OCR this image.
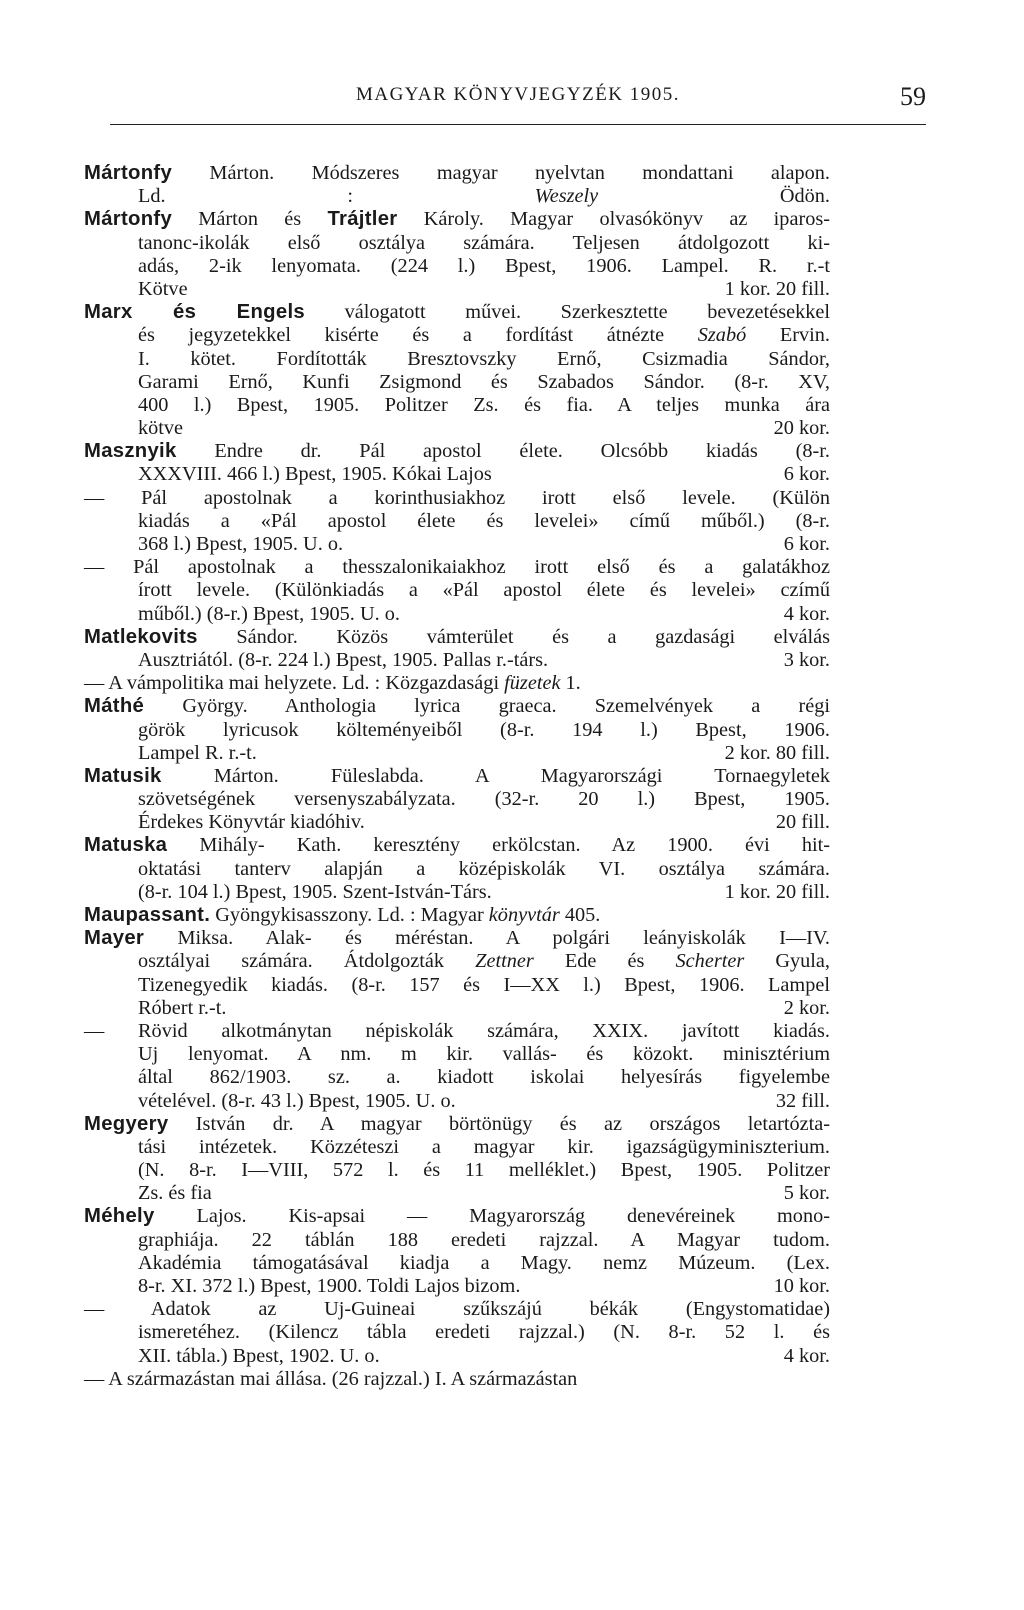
MAGYAR KÖNYVJEGYZÉK 1905.	59
Mártonfy Márton. Módszeres magyar nyelvtan mondattani alapon.
Ld. : Weszely Ödön.
Mártonfy Márton és Trájtler Károly. Magyar olvasókönyv az iparos-
tanonc-ikolák első osztálya számára. Teljesen átdolgozott ki-
adás, 2-ik lenyomata. (224 l.) Bpest, 1906. Lampel. R. r.-t
Kötve	1 kor. 20 fill.
Marx és Engels válogatott művei. Szerkesztette bevezetésekkel
és jegyzetekkel kisérte és a fordítást átnézte Szabó Ervin.
I. kötet. Fordították Bresztovszky Ernő, Csizmadia Sándor,
Garami Ernő, Kunfi Zsigmond és Szabados Sándor. (8-r. XV,
400 l.) Bpest, 1905. Politzer Zs. és fia. A teljes munka ára
kötve	20 kor.
Masznyik Endre dr. Pál apostol élete. Olcsóbb kiadás (8-r.
XXXVIII. 466 l.) Bpest, 1905. Kókai Lajos	6 kor.
— Pál apostolnak a korinthusiakhoz irott első levele. (Külön
kiadás a «Pál apostol élete és levelei» című műből.) (8-r.
368 l.) Bpest, 1905. U. o.	6 kor.
— Pál apostolnak a thesszalonikaiakhoz irott első és a galatákhoz
írott levele. (Különkiadás a «Pál apostol élete és levelei» czímű
műből.) (8-r.) Bpest, 1905. U. o.	4 kor.
Matlekovits Sándor. Közös vámterület és a gazdasági elválás
Ausztriától. (8-r. 224 l.) Bpest, 1905. Pallas r.-társ.	3 kor.
— A vámpolitika mai helyzete. Ld. : Közgazdasági füzetek 1.
Máthé György. Anthologia lyrica graeca. Szemelvények a régi
görök lyricusok költeményeiből (8-r. 194 l.) Bpest, 1906.
Lampel R. r.-t.	2 kor. 80 fill.
Matusik Márton. Füleslabda. A Magyarországi Tornaegyletek
szövetségének versenyszabályzata. (32-r. 20 l.) Bpest, 1905.
Érdekes Könyvtár kiadóhiv.	20 fill.
Matuska Mihály- Kath. keresztény erkölcstan. Az 1900. évi hit-
oktatási tanterv alapján a középiskolák VI. osztálya számára.
(8-r. 104 l.) Bpest, 1905. Szent-István-Társ.	1 kor. 20 fill.
Maupassant. Gyöngykisasszony. Ld. : Magyar könyvtár 405.
Mayer Miksa. Alak- és méréstan. A polgári leányiskolák I—IV.
osztályai számára. Átdolgozták Zettner Ede és Scherter Gyula,
Tizenegyedik kiadás. (8-r. 157 és I—XX l.) Bpest, 1906. Lampel
Róbert r.-t.	2 kor.
— Rövid alkotmánytan népiskolák számára, XXIX. javított kiadás.
Uj lenyomat. A nm. m kir. vallás- és közokt. minisztérium
által 862/1903. sz. a. kiadott iskolai helyesírás figyelembe
vételével. (8-r. 43 l.) Bpest, 1905. U. o.	32 fill.
Megyery István dr. A magyar börtönügy és az országos letartózta-
tási intézetek. Közzéteszi a magyar kir. igazságügyminiszterium.
(N. 8-r. I—VIII, 572 l. és 11 melléklet.) Bpest, 1905. Politzer
Zs. és fia	5 kor.
Méhely Lajos. Kis-apsai — Magyarország denevéreinek mono-
graphiája. 22 táblán 188 eredeti rajzzal. A Magyar tudom.
Akadémia támogatásával kiadja a Magy. nemz Múzeum. (Lex.
8-r. XI. 372 l.) Bpest, 1900. Toldi Lajos bizom.	10 kor.
— Adatok az Uj-Guineai szűkszájú békák (Engystomatidae)
ismeretéhez. (Kilencz tábla eredeti rajzzal.) (N. 8-r. 52 l. és
XII. tábla.) Bpest, 1902. U. o.	4 kor.
— A származástan mai állása. (26 rajzzal.) I. A származástan
